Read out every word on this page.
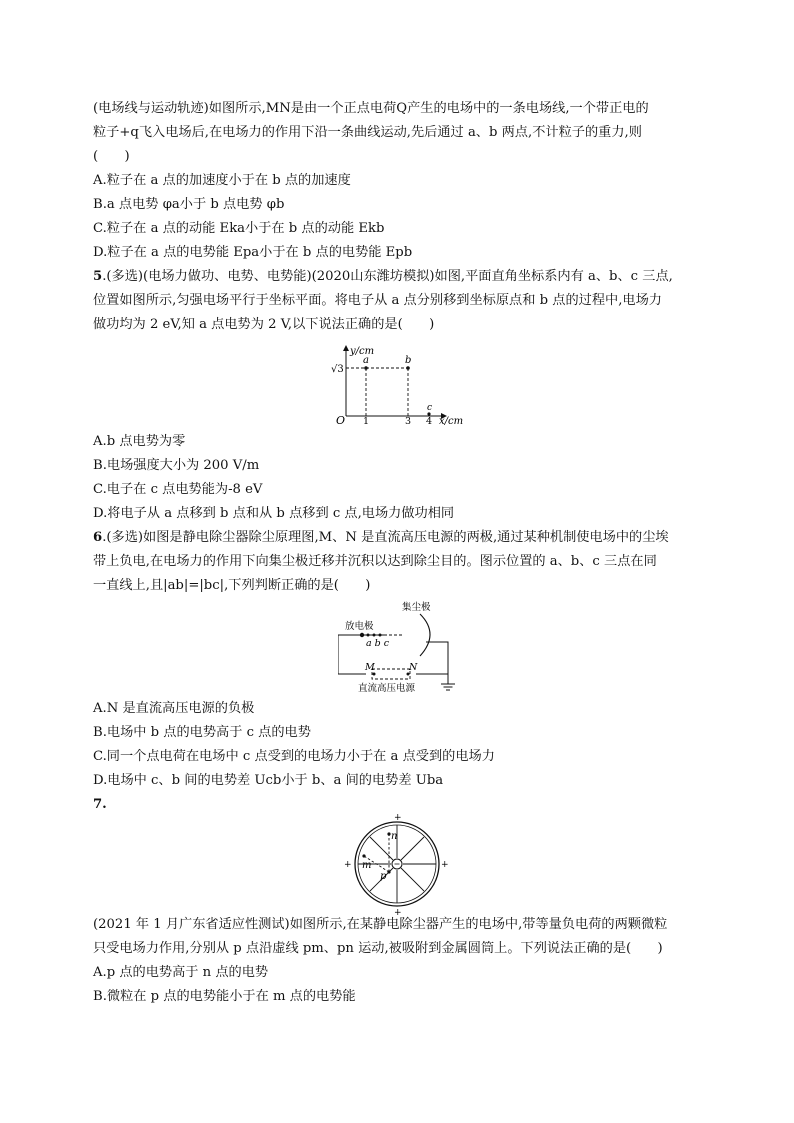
(电场线与运动轨迹)如图所示,MN是由一个正点电荷Q产生的电场中的一条电场线,一个带正电的
粒子+q飞入电场后,在电场力的作用下沿一条曲线运动,先后通过 a、b 两点,不计粒子的重力,则
(　　)
A.粒子在 a 点的加速度小于在 b 点的加速度
B.a 点电势 φa小于 b 点电势 φb
C.粒子在 a 点的动能 Eka小于在 b 点的动能 Ekb
D.粒子在 a 点的电势能 Epa小于在 b 点的电势能 Epb
5.(多选)(电场力做功、电势、电势能)(2020山东潍坊模拟)如图,平面直角坐标系内有 a、b、c 三点,
位置如图所示,匀强电场平行于坐标平面。将电子从 a 点分别移到坐标原点和 b 点的过程中,电场力
做功均为 2 eV,知 a 点电势为 2 V,以下说法正确的是(　　)
y/cm
x/cm
O
√3
a	b
c
1	3 4
A.b 点电势为零
B.电场强度大小为 200 V/m
C.电子在 c 点电势能为-8 eV
D.将电子从 a 点移到 b 点和从 b 点移到 c 点,电场力做功相同
6.(多选)如图是静电除尘器除尘原理图,M、N 是直流高压电源的两极,通过某种机制使电场中的尘埃
带上负电,在电场力的作用下向集尘极迁移并沉积以达到除尘目的。图示位置的 a、b、c 三点在同
一直线上,且|ab|=|bc|,下列判断正确的是(　　)
集尘极
放电极
a b c
M	N
直流高压电源
A.N 是直流高压电源的负极
B.电场中 b 点的电势高于 c 点的电势
C.同一个点电荷在电场中 c 点受到的电场力小于在 a 点受到的电场力
D.电场中 c、b 间的电势差 Ucb小于 b、a 间的电势差 Uba
7.
n
m
p
+
+
+	+
(2021 年 1 月广东省适应性测试)如图所示,在某静电除尘器产生的电场中,带等量负电荷的两颗微粒
只受电场力作用,分别从 p 点沿虚线 pm、pn 运动,被吸附到金属圆筒上。下列说法正确的是(　　)
A.p 点的电势高于 n 点的电势
B.微粒在 p 点的电势能小于在 m 点的电势能
